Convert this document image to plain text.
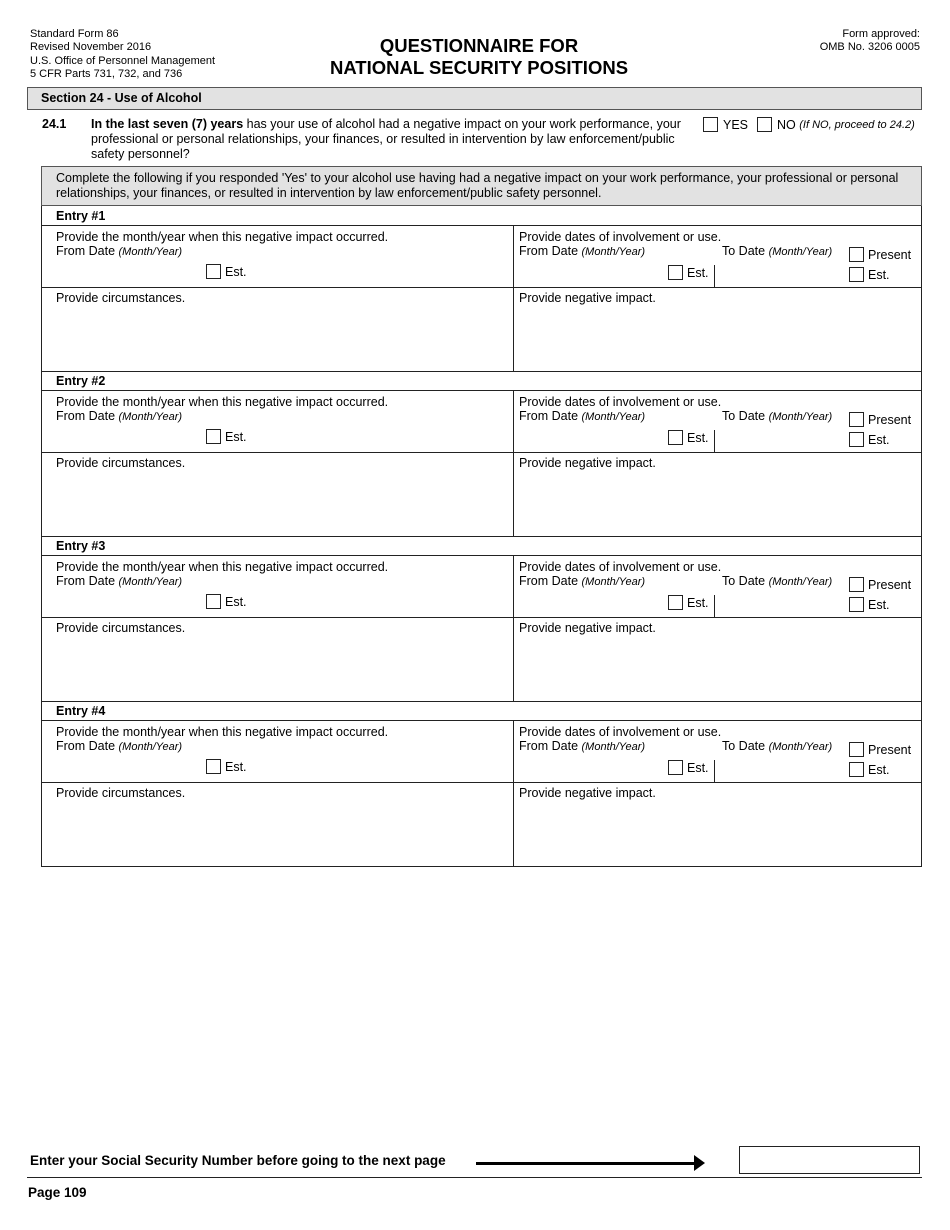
Standard Form 86
Revised November 2016
U.S. Office of Personnel Management
5 CFR Parts 731, 732, and 736
QUESTIONNAIRE FOR
NATIONAL SECURITY POSITIONS
Form approved:
OMB No. 3206 0005
Section 24 - Use of Alcohol
24.1 In the last seven (7) years has your use of alcohol had a negative impact on your work performance, your professional or personal relationships, your finances, or resulted in intervention by law enforcement/public safety personnel?
YES NO
(If NO, proceed to 24.2)
Complete the following if you responded 'Yes' to your alcohol use having had a negative impact on your work performance, your professional or personal relationships, your finances, or resulted in intervention by law enforcement/public safety personnel.
Entry #1
Provide the month/year when this negative impact occurred.
From Date (Month/Year)
Est.
Provide dates of involvement or use.
From Date (Month/Year)	To Date (Month/Year)
Est.
Present
Est.
Provide circumstances.	Provide negative impact.
Entry #2
Provide the month/year when this negative impact occurred.
From Date (Month/Year)
Est.
Provide dates of involvement or use.
From Date (Month/Year)	To Date (Month/Year)
Est.
Present
Est.
Provide circumstances.	Provide negative impact.
Entry #3
Provide the month/year when this negative impact occurred.
From Date (Month/Year)
Est.
Provide dates of involvement or use.
From Date (Month/Year)	To Date (Month/Year)
Est.
Present
Est.
Provide circumstances.	Provide negative impact.
Entry #4
Provide the month/year when this negative impact occurred.
From Date (Month/Year)
Est.
Provide dates of involvement or use.
From Date (Month/Year)	To Date (Month/Year)
Est.
Present
Est.
Provide circumstances.	Provide negative impact.
Enter your Social Security Number before going to the next page
Page 109
